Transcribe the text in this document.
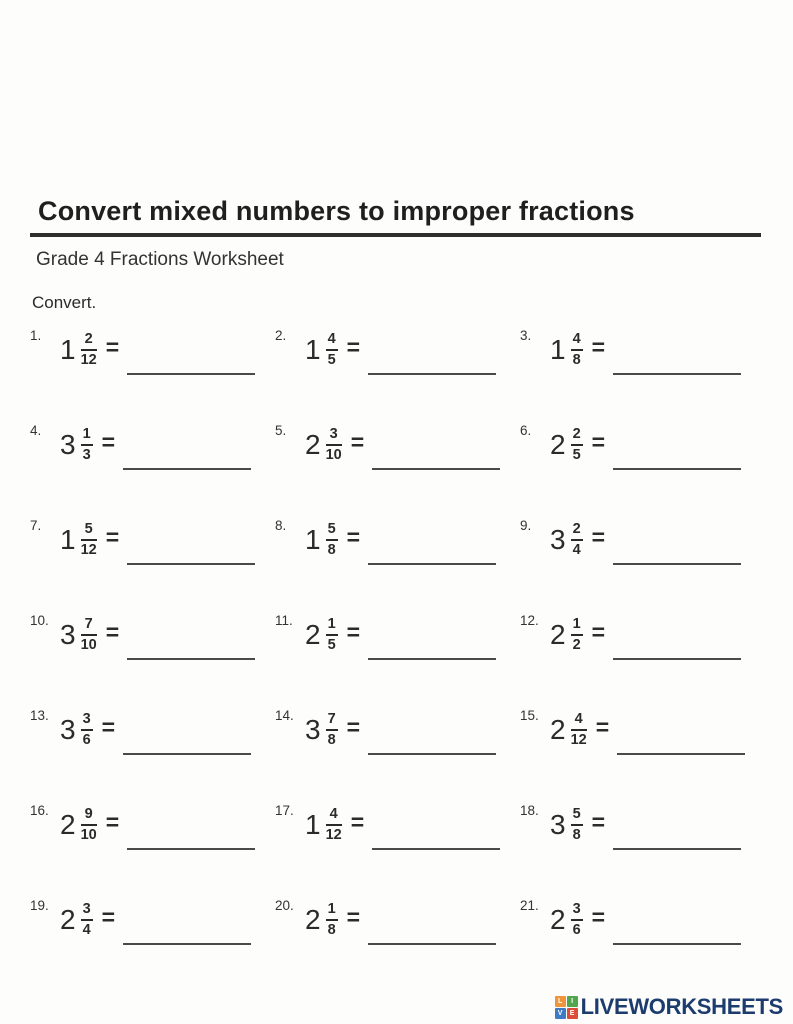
Convert mixed numbers to improper fractions
Grade 4 Fractions Worksheet
Convert.
1. $1 \frac{2}{12}$ =	2. $1 \frac{4}{5}$ =	3. $1 \frac{4}{8}$ =
4. $3 \frac{1}{3}$ =	5. $2 \frac{3}{10}$ =	6. $2 \frac{2}{5}$ =
7. $1 \frac{5}{12}$ =	8. $1 \frac{5}{8}$ =	9. $3 \frac{2}{4}$ =
10. $3 \frac{7}{10}$ =	11. $2 \frac{1}{5}$ =	12. $2 \frac{1}{2}$ =
13. $3 \frac{3}{6}$ =	14. $3 \frac{7}{8}$ =	15. $2 \frac{4}{12}$ =
16. $2 \frac{9}{10}$ =	17. $1 \frac{4}{12}$ =	18. $3 \frac{5}{8}$ =
19. $2 \frac{3}{4}$ =	20. $2 \frac{1}{8}$ =	21. $2 \frac{3}{6}$ =
L	I
V	E LIVEWORKSHEETS
